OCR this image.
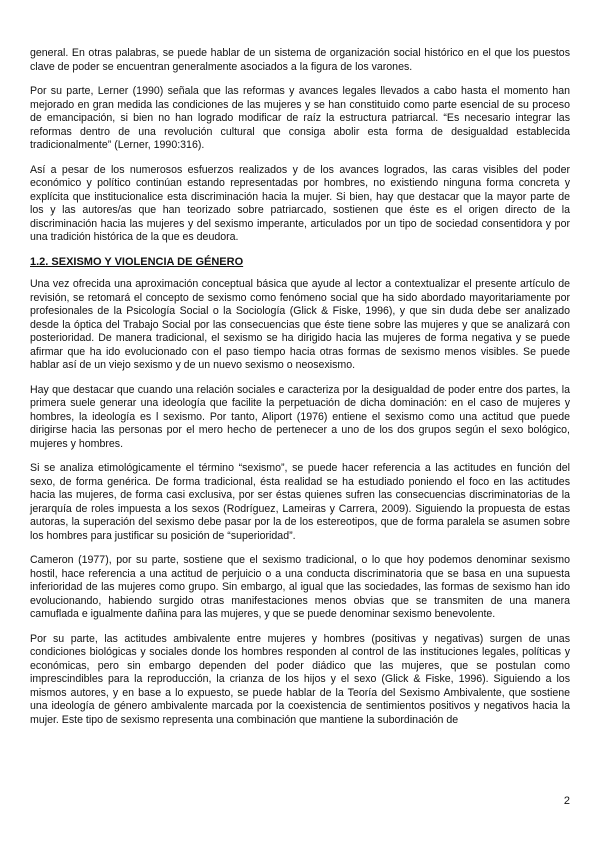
general. En otras palabras, se puede hablar de un sistema de organización social histórico en el que los puestos clave de poder se encuentran generalmente asociados a la figura de los varones.

Por su parte, Lerner (1990) señala que las reformas y avances legales llevados a cabo hasta el momento han mejorado en gran medida las condiciones de las mujeres y se han constituido como parte esencial de su proceso de emancipación, si bien no han logrado modificar de raíz la estructura patriarcal. “Es necesario integrar las reformas dentro de una revolución cultural que consiga abolir esta forma de desigualdad establecida tradicionalmente” (Lerner, 1990:316).

Así a pesar de los numerosos esfuerzos realizados y de los avances logrados, las caras visibles del poder económico y político continúan estando representadas por hombres, no existiendo ninguna forma concreta y explícita que institucionalice esta discriminación hacia la mujer. Si bien, hay que destacar que la mayor parte de los y las autores/as que han teorizado sobre patriarcado, sostienen que éste es el origen directo de la discriminación hacia las mujeres y del sexismo imperante, articulados por un tipo de sociedad consentidora y por una tradición histórica de la que es deudora.

1.2. SEXISMO Y VIOLENCIA DE GÉNERO

Una vez ofrecida una aproximación conceptual básica que ayude al lector a contextualizar el presente artículo de revisión, se retomará el concepto de sexismo como fenómeno social que ha sido abordado mayoritariamente por profesionales de la Psicología Social o la Sociología (Glick & Fiske, 1996), y que sin duda debe ser analizado desde la óptica del Trabajo Social por las consecuencias que éste tiene sobre las mujeres y que se analizará con posterioridad. De manera tradicional, el sexismo se ha dirigido hacia las mujeres de forma negativa y se puede afirmar que ha ido evolucionado con el paso tiempo hacia otras formas de sexismo menos visibles. Se puede hablar así de un viejo sexismo y de un nuevo sexismo o neosexismo.

Hay que destacar que cuando una relación sociales e caracteriza por la desigualdad de poder entre dos partes, la primera suele generar una ideología que facilite la perpetuación de dicha dominación: en el caso de mujeres y hombres, la ideología es l sexismo. Por tanto, Aliport (1976) entiene el sexismo como una actitud que puede dirigirse hacia las personas por el mero hecho de pertenecer a uno de los dos grupos según el sexo bológico, mujeres y hombres.

Si se analiza etimológicamente el término “sexismo”, se puede hacer referencia a las actitudes en función del sexo, de forma genérica. De forma tradicional, ésta realidad se ha estudiado poniendo el foco en las actitudes hacia las mujeres, de forma casi exclusiva, por ser éstas quienes sufren las consecuencias discriminatorias de la jerarquía de roles impuesta a los sexos (Rodríguez, Lameiras y Carrera, 2009). Siguiendo la propuesta de estas autoras, la superación del sexismo debe pasar por la de los estereotipos, que de forma paralela se asumen sobre los hombres para justificar su posición de “superioridad”.

Cameron (1977), por su parte, sostiene que el sexismo tradicional, o lo que hoy podemos denominar sexismo hostil, hace referencia a una actitud de perjuicio o a una conducta discriminatoria que se basa en una supuesta inferioridad de las mujeres como grupo. Sin embargo, al igual que las sociedades, las formas de sexismo han ido evolucionando, habiendo surgido otras manifestaciones menos obvias que se transmiten de una manera camuflada e igualmente dañina para las mujeres, y que se puede denominar sexismo benevolente.

Por su parte, las actitudes ambivalente entre mujeres y hombres (positivas y negativas) surgen de unas condiciones biológicas y sociales donde los hombres responden al control de las instituciones legales, políticas y económicas, pero sin embargo dependen del poder diádico que las mujeres, que se postulan como imprescindibles para la reproducción, la crianza de los hijos y el sexo (Glick & Fiske, 1996). Siguiendo a los mismos autores, y en base a lo expuesto, se puede hablar de la Teoría del Sexismo Ambivalente, que sostiene una ideología de género ambivalente marcada por la coexistencia de sentimientos positivos y negativos hacia la mujer. Este tipo de sexismo representa una combinación que mantiene la subordinación de

2
